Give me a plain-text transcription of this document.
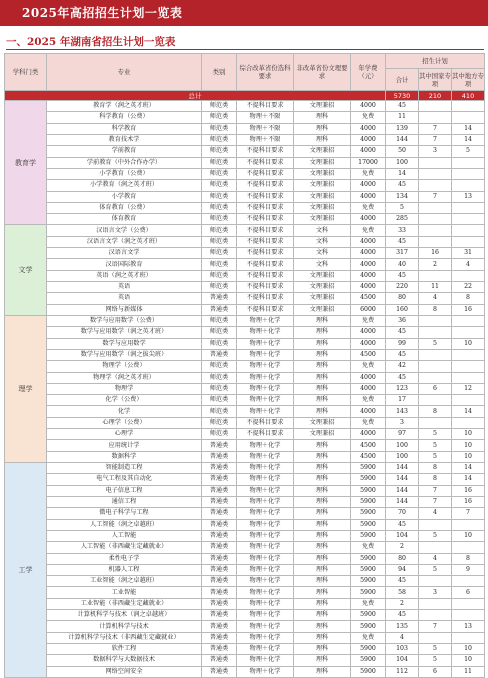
2025年高招招生计划一览表
一、2025 年湖南省招生计划一览表
学科门类	专业	类别	综合改革省份选科要求	非改革省份文理要求	年学费（元）	招生计划		
						合计	其中国家专项	其中地方专项
总计						5730	210	410
教育学	教育学（润之英才班）	师范类	不提科目要求	文理兼招	4000	45		
	科学教育（公费）	师范类	物理＋不限	理科	免费	11		
	科学教育	师范类	物理＋不限	理科	4000	139	7	14
	教育技术学	师范类	物理＋不限	理科	4000	144	7	14
	学前教育	师范类	不提科目要求	文理兼招	4000	50	3	5
	学前教育（中外合作办学）	师范类	不提科目要求	文理兼招	17000	100		
	小学教育（公费）	师范类	不提科目要求	文理兼招	免费	14		
	小学教育（润之英才班）	师范类	不提科目要求	文理兼招	4000	45		
	小学教育	师范类	不提科目要求	文理兼招	4000	134	7	13
	体育教育（公费）	师范类	不提科目要求	文理兼招	免费	5		
	体育教育	师范类	不提科目要求	文理兼招	4000	285		
文学	汉语言文学（公费）	师范类	不提科目要求	文科	免费	33		
	汉语言文学（润之英才班）	师范类	不提科目要求	文科	4000	45		
	汉语言文学	师范类	不提科目要求	文科	4000	317	16	31
	汉语国际教育	师范类	不提科目要求	文科	4000	40	2	4
	英语（润之英才班）	师范类	不提科目要求	文理兼招	4000	45		
	英语	师范类	不提科目要求	文理兼招	4000	220	11	22
	英语	普通类	不提科目要求	文理兼招	4500	80	4	8
	网络与新媒体	普通类	不提科目要求	文理兼招	6000	160	8	16
理学	数学与应用数学（公费）	师范类	物理＋化学	理科	免费	36		
	数学与应用数学（润之英才班）	师范类	物理＋化学	理科	4000	45		
	数学与应用数学	师范类	物理＋化学	理科	4000	99	5	10
	数学与应用数学（润之拔尖班）	普通类	物理＋化学	理科	4500	45		
	物理学（公费）	师范类	物理＋化学	理科	免费	42		
	物理学（润之英才班）	师范类	物理＋化学	理科	4000	45		
	物理学	师范类	物理＋化学	理科	4000	123	6	12
	化学（公费）	师范类	物理＋化学	理科	免费	17		
	化学	师范类	物理＋化学	理科	4000	143	8	14
	心理学（公费）	师范类	不提科目要求	文理兼招	免费	3		
	心理学	师范类	不提科目要求	文理兼招	4000	97	5	10
	应用统计学	普通类	物理＋化学	理科	4500	100	5	10
	数据科学	普通类	物理＋化学	理科	4500	100	5	10
工学	智能制造工程	普通类	物理＋化学	理科	5900	144	8	14
	电气工程及其自动化	普通类	物理＋化学	理科	5900	144	8	14
	电子信息工程	普通类	物理＋化学	理科	5900	144	7	16
	通信工程	普通类	物理＋化学	理科	5900	144	7	16
	微电子科学与工程	普通类	物理＋化学	理科	5900	70	4	7
	人工智能（润之卓越班）	普通类	物理＋化学	理科	5900	45		
	人工智能	普通类	物理＋化学	理科	5900	104	5	10
	人工智能（非西藏生定藏就业）	普通类	物理＋化学	理科	免费	2		
	柔性电子学	普通类	物理＋化学	理科	5900	80	4	8
	机器人工程	普通类	物理＋化学	理科	5900	94	5	9
	工业智能（润之卓越班）	普通类	物理＋化学	理科	5900	45		
	工业智能	普通类	物理＋化学	理科	5900	58	3	6
	工业智能（非西藏生定藏就业）	普通类	物理＋化学	理科	免费	2		
	计算机科学与技术（润之卓越班）	普通类	物理＋化学	理科	5900	45		
	计算机科学与技术	普通类	物理＋化学	理科	5900	135	7	13
	计算机科学与技术（非西藏生定藏就业）	普通类	物理＋化学	理科	免费	4		
	软件工程	普通类	物理＋化学	理科	5900	103	5	10
	数据科学与大数据技术	普通类	物理＋化学	理科	5900	104	5	10
	网络空间安全	普通类	物理＋化学	理科	5900	112	6	11
